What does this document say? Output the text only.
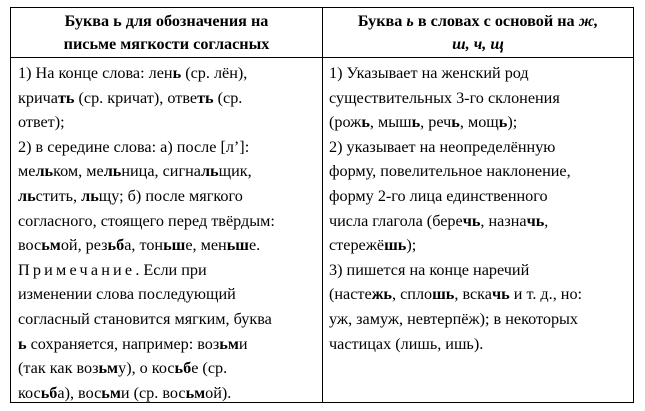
Буква ь для обозначения на
письме мягкости согласных
Буква ь в словах с основой на ж,
ш, ч, щ
1) На конце слова: лень (ср. лён),
кричать (ср. кричат), ответь (ср.
ответ);
2) в середине слова: а) после [л’]:
мельком, мельница, сигнальщик,
льстить, льщу; б) после мягкого
согласного, стоящего перед твёрдым:
восьмой, резьба, тоньше, меньше.
Примечание. Если при
изменении слова последующий
согласный становится мягким, буква
ь сохраняется, например: возьми
(так как возьму), о косьбе (ср.
косьба), восьми (ср. восьмой).
1) Указывает на женский род
существительных 3-го склонения
(рожь, мышь, речь, мощь);
2) указывает на неопределённую
форму, повелительное наклонение,
форму 2-го лица единственного
числа глагола (беречь, назначь,
стережёшь);
3) пишется на конце наречий
(настежь, сплoшь, вскачь и т. д., но:
уж, замуж, невтерпёж); в некоторых
частицах (лишь, ишь).
